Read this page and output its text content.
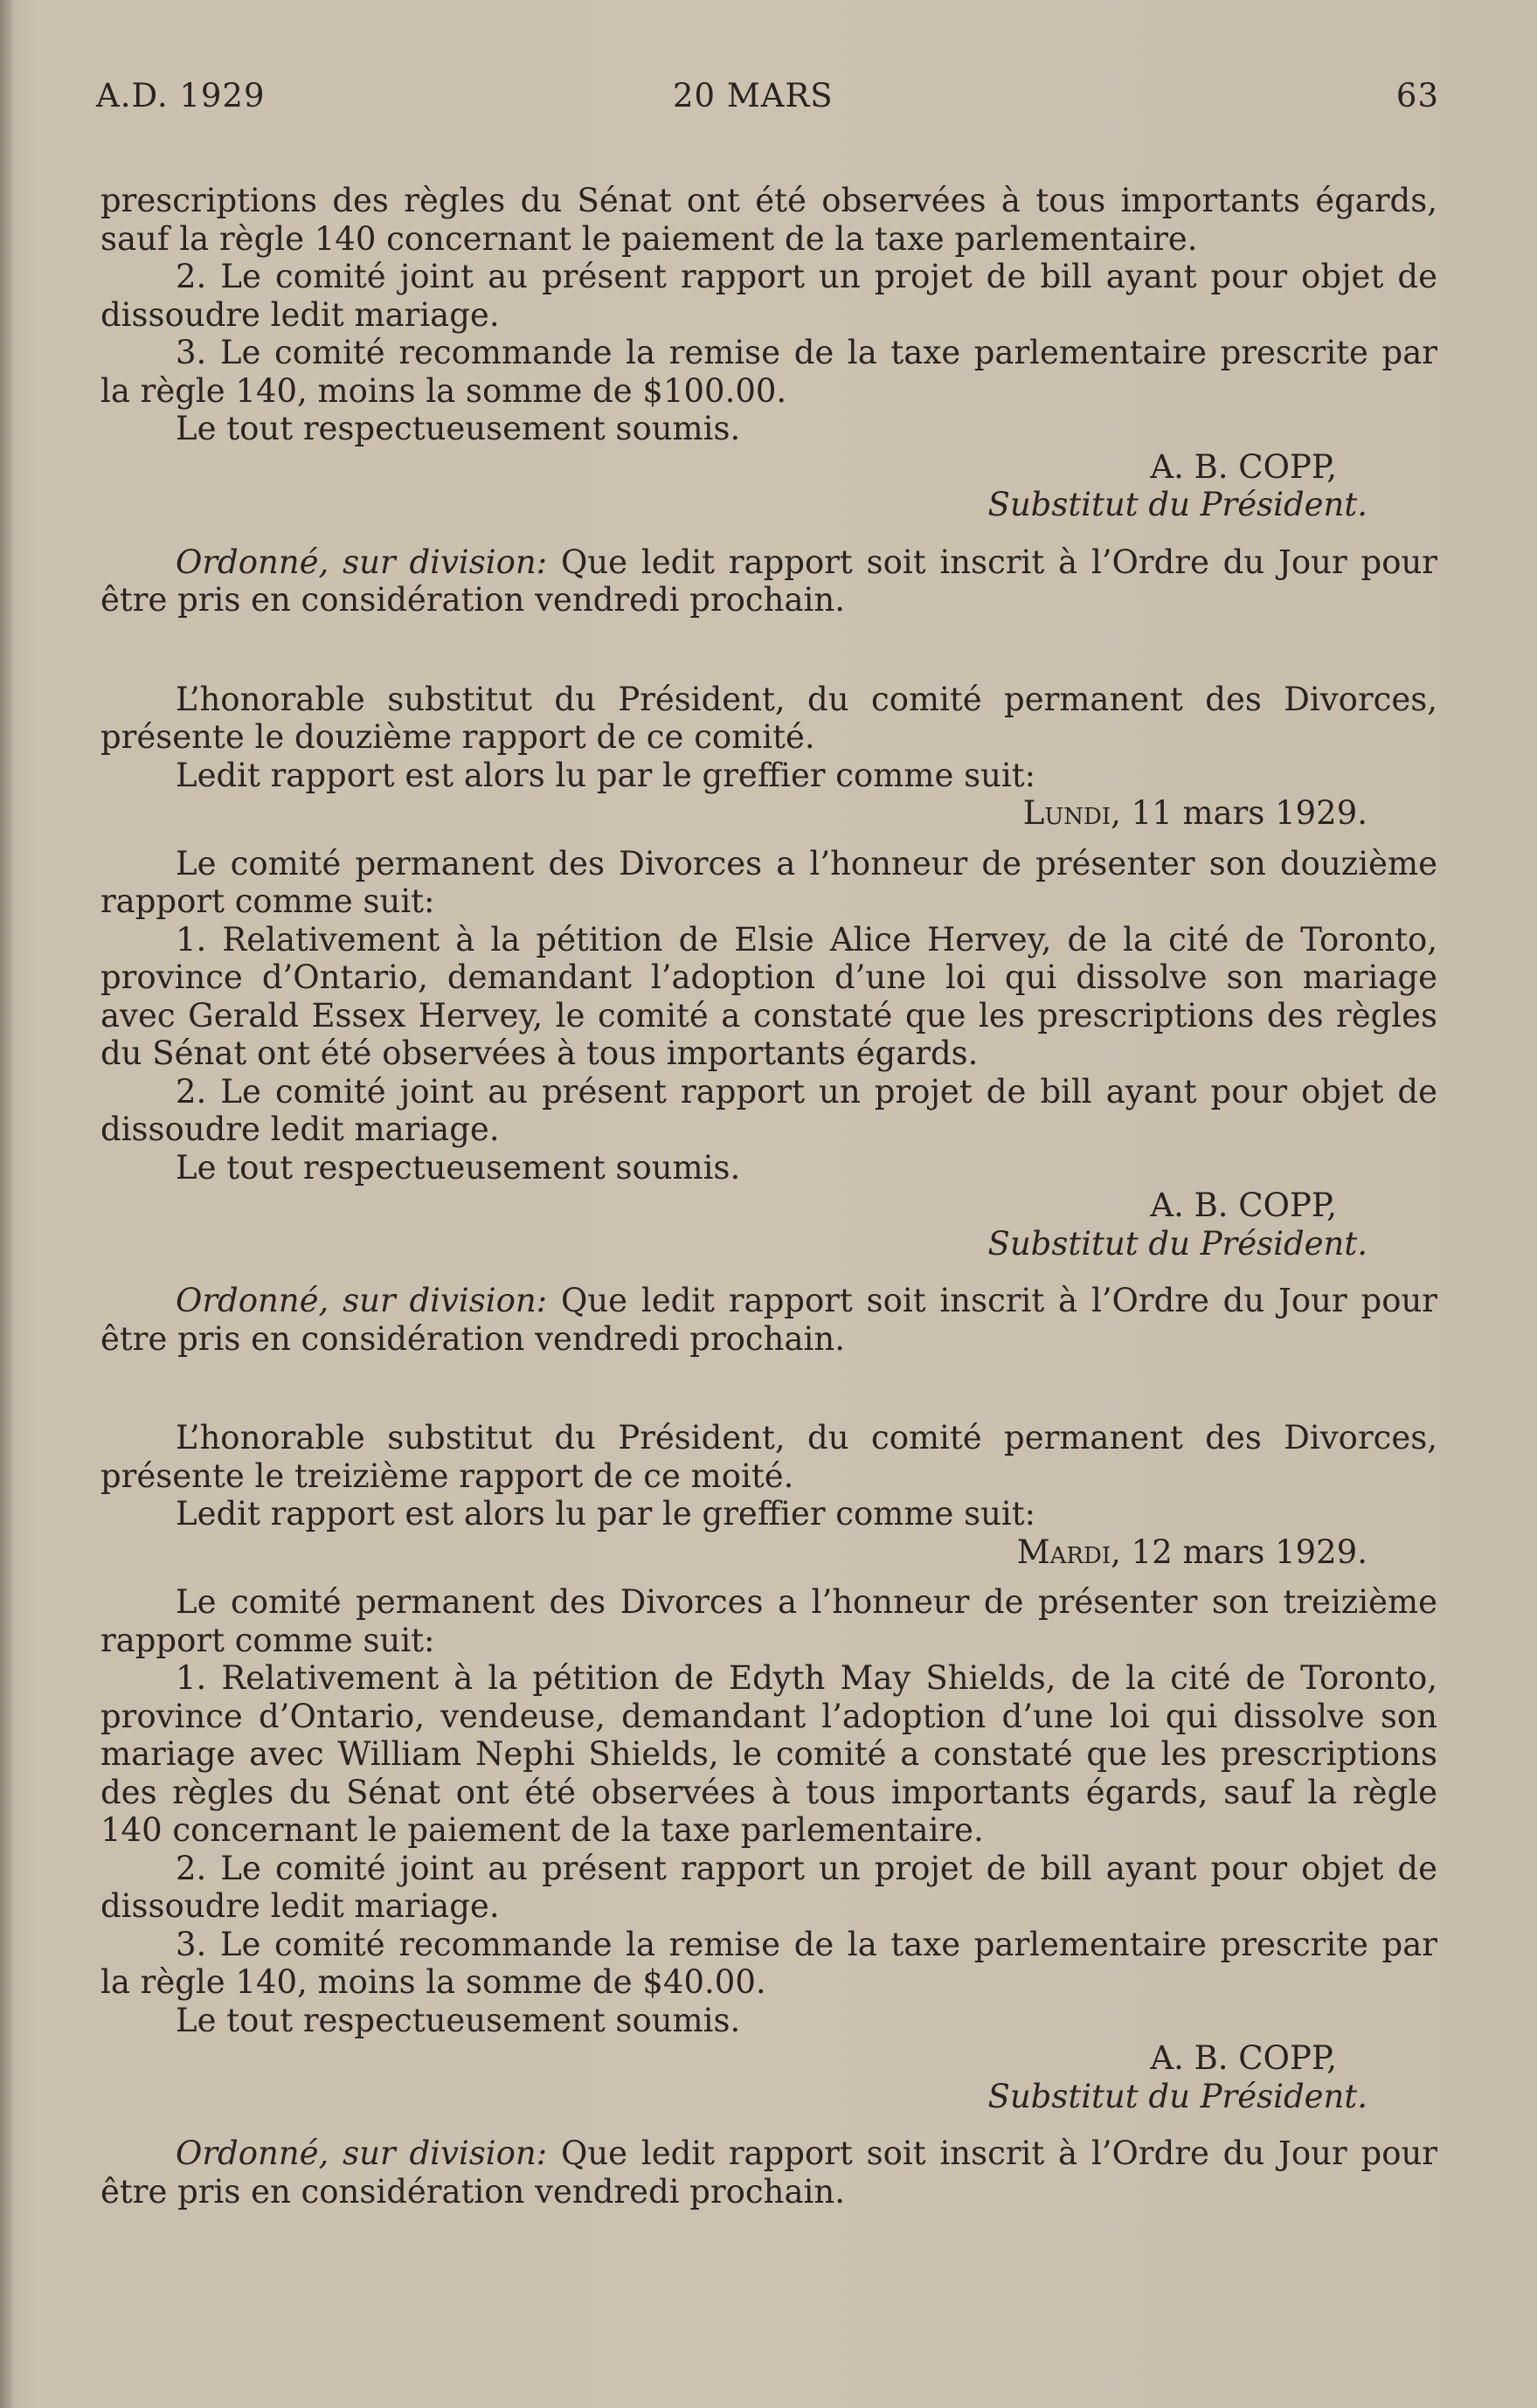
A.D. 1929	20 MARS	63

prescriptions des règles du Sénat ont été observées à tous importants égards, sauf la règle 140 concernant le paiement de la taxe parlementaire.

2. Le comité joint au présent rapport un projet de bill ayant pour objet de dissoudre ledit mariage.

3. Le comité recommande la remise de la taxe parlementaire prescrite par la règle 140, moins la somme de $100.00.

Le tout respectueusement soumis.

A. B. COPP,

Substitut du Président.

Ordonné, sur division: Que ledit rapport soit inscrit à l’Ordre du Jour pour être pris en considération vendredi prochain.

L’honorable substitut du Président, du comité permanent des Divorces, présente le douzième rapport de ce comité.

Ledit rapport est alors lu par le greffier comme suit:

Lundi, 11 mars 1929.

Le comité permanent des Divorces a l’honneur de présenter son douzième rapport comme suit:

1. Relativement à la pétition de Elsie Alice Hervey, de la cité de Toronto, province d’Ontario, demandant l’adoption d’une loi qui dissolve son mariage avec Gerald Essex Hervey, le comité a constaté que les prescriptions des règles du Sénat ont été observées à tous importants égards.

2. Le comité joint au présent rapport un projet de bill ayant pour objet de dissoudre ledit mariage.

Le tout respectueusement soumis.

A. B. COPP,

Substitut du Président.

Ordonné, sur division: Que ledit rapport soit inscrit à l’Ordre du Jour pour être pris en considération vendredi prochain.

L’honorable substitut du Président, du comité permanent des Divorces, présente le treizième rapport de ce moité.

Ledit rapport est alors lu par le greffier comme suit:

Mardi, 12 mars 1929.

Le comité permanent des Divorces a l’honneur de présenter son treizième rapport comme suit:

1. Relativement à la pétition de Edyth May Shields, de la cité de Toronto, province d’Ontario, vendeuse, demandant l’adoption d’une loi qui dissolve son mariage avec William Nephi Shields, le comité a constaté que les prescriptions des règles du Sénat ont été observées à tous importants égards, sauf la règle 140 concernant le paiement de la taxe parlementaire.

2. Le comité joint au présent rapport un projet de bill ayant pour objet de dissoudre ledit mariage.

3. Le comité recommande la remise de la taxe parlementaire prescrite par la règle 140, moins la somme de $40.00.

Le tout respectueusement soumis.

A. B. COPP,

Substitut du Président.

Ordonné, sur division: Que ledit rapport soit inscrit à l’Ordre du Jour pour être pris en considération vendredi prochain.
